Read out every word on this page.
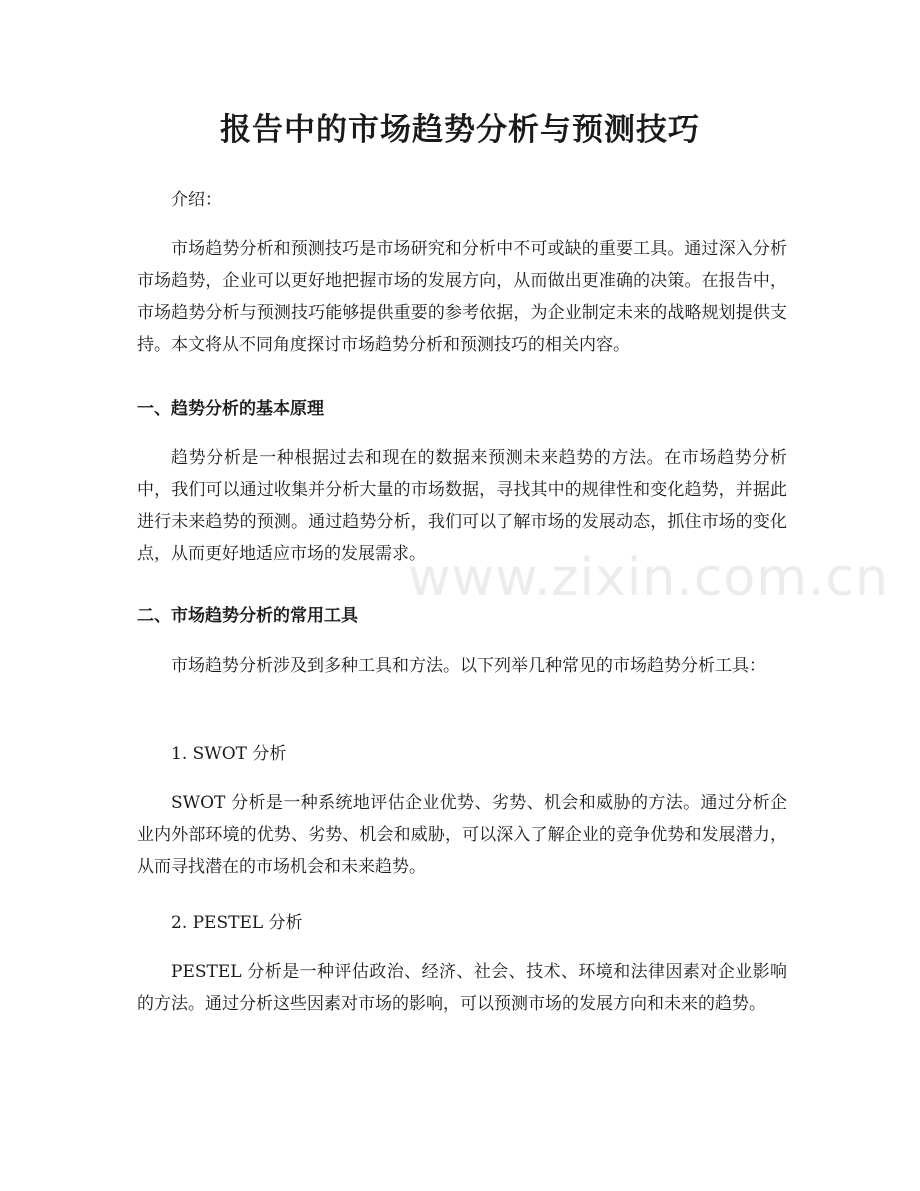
报告中的市场趋势分析与预测技巧

介绍：

市场趋势分析和预测技巧是市场研究和分析中不可或缺的重要工具。通过深入分析市场趋势，企业可以更好地把握市场的发展方向，从而做出更准确的决策。在报告中，市场趋势分析与预测技巧能够提供重要的参考依据，为企业制定未来的战略规划提供支持。本文将从不同角度探讨市场趋势分析和预测技巧的相关内容。

一、趋势分析的基本原理

趋势分析是一种根据过去和现在的数据来预测未来趋势的方法。在市场趋势分析中，我们可以通过收集并分析大量的市场数据，寻找其中的规律性和变化趋势，并据此进行未来趋势的预测。通过趋势分析，我们可以了解市场的发展动态，抓住市场的变化点，从而更好地适应市场的发展需求。

二、市场趋势分析的常用工具

市场趋势分析涉及到多种工具和方法。以下列举几种常见的市场趋势分析工具：

1. SWOT 分析

SWOT 分析是一种系统地评估企业优势、劣势、机会和威胁的方法。通过分析企业内外部环境的优势、劣势、机会和威胁，可以深入了解企业的竞争优势和发展潜力，从而寻找潜在的市场机会和未来趋势。

2. PESTEL 分析

PESTEL 分析是一种评估政治、经济、社会、技术、环境和法律因素对企业影响的方法。通过分析这些因素对市场的影响，可以预测市场的发展方向和未来的趋势。

www.zixin.com.cn
